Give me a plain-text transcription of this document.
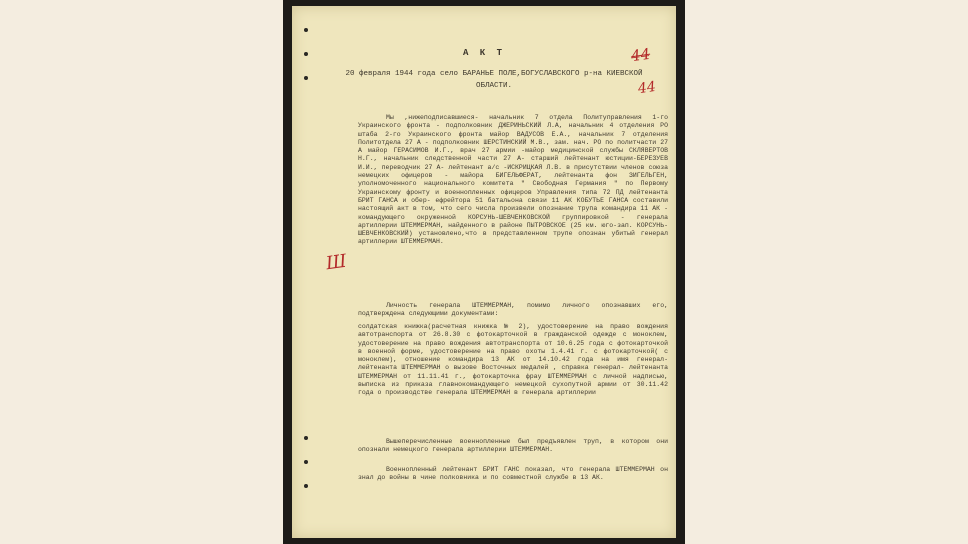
44
44
Ш
А К Т
20 февраля 1944 года село БАРАНЬЕ ПОЛЕ,БОГУСЛАВСКОГО р-на КИЕВСКОЙ ОБЛАСТИ.
Мы ,нижеподписавшиеся- начальник 7 отдела Политуправления 1-го Украинского фронта - подполковник ДЖЕРИНЬСКИЙ Л.А, начальник 4 отделения РО штаба 2-го Украинского фронта майор ВАДУСОВ Е.А., начальник 7 отделения Политотдела 27 А - подполковник ШЕРСТИНСКИЙ М.В., зам. нач. РО по политчасти 27 А майор ГЕРАСИМОВ И.Г., врач 27 армии -майор медицинской службы СКЛЯВЕРТОВ Н.Г., начальник следственной части 27 А- старший лейтенант юстиции-БЕРЕЗУЕВ И.И., переводчик 27 А- лейтенант а/с -ИСКРИЦКАЯ Л.В. в присутствии членов союза немецких офицеров - майора БИГЕЛЬФЕРАТ, лейтенанта фон ЗИГЕЛЬГЕН, уполномоченного национального комитета " Свободная Германия " по Первому Украинскому фронту и военнопленных офицеров Управления типа 72 ПД лейтенанта БРИТ ГАНСА и обер- ефрейтора 51 батальона связи 11 АК КОБУТЬЕ ГАНСА составили настоящий акт в том, что сего числа произвели опознание трупа командира 11 АК - командующего окруженной КОРСУНЬ-ШЕВЧЕНКОВСКОЙ группировкой - генерала артиллерии ШТЕММЕРМАН, найденного в районе ПЫТРОВСКОЕ (25 км. юго-зап. КОРСУНЬ-ШЕВЧЕНКОВСКИЙ) установлено,что в представленном трупе опознан убитый генерал артиллерии ШТЕММЕРМАН.
Личность генерала ШТЕММЕРМАН, помимо личного опознавших его, подтверждена следующими документами:
солдатская книжка(расчетная книжка № 2), удостоверение на право вождения автотранспорта от 26.8.30 с фотокарточкой в гражданской одежде с моноклем, удостоверение на право вождения автотранспорта от 10.6.25 года с фотокарточкой в военной форме, удостоверение на право охоты 1.4.41 г. с фотокарточкой( с моноклем), отношение командира 13 АК от 14.10.42 года на имя генерал- лейтенанта ШТЕММЕРМАН о вызове Восточных медалей , справка генерал- лейтенанта ШТЕММЕРМАН от 11.11.41 г., фотокарточка фрау ШТЕММЕРМАН с личной надписью, выписка из приказа главнокомандующего немецкой сухопутной армии от 30.11.42 года о производстве генерала ШТЕММЕРМАН в генерала артиллерии
Вышеперечисленные военнопленные был предъявлен труп, в котором они опознали немецкого генерала артиллерии ШТЕММЕРМАН.
Военнопленный лейтенант БРИТ ГАНС показал, что генерала ШТЕММЕРМАН он знал до войны в чине полковника и по совместной службе в 13 АК.
